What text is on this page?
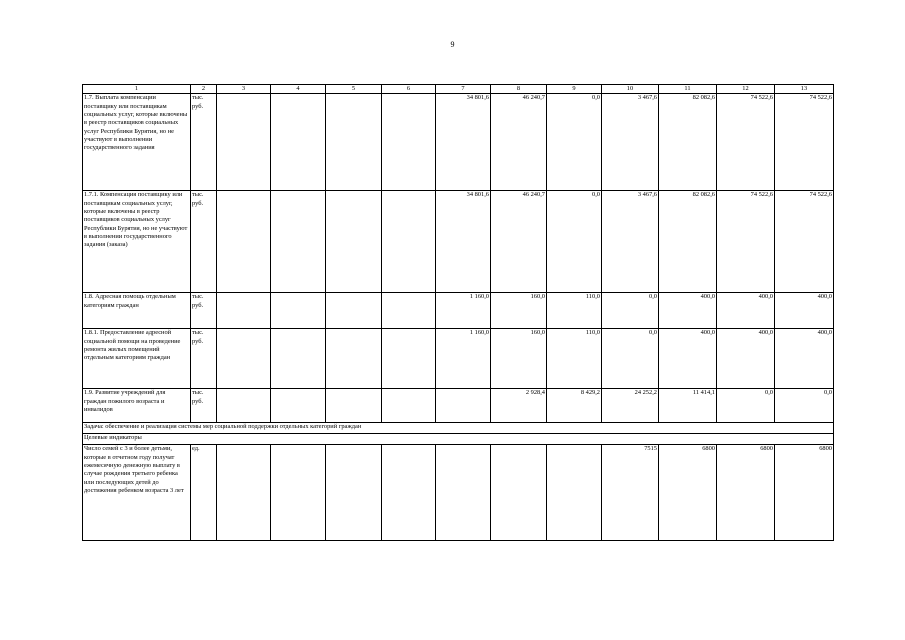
9
1	2	3	4	5	6	7	8	9	10	11	12	13
1.7. Выплата компенсации поставщику или поставщикам социальных услуг, которые включены в реестр поставщиков социальных услуг Республики Бурятия, но не участвуют в выполнении государственного задания	тыс. руб.					34 801,6	46 240,7	0,0	3 467,6	82 082,6	74 522,6	74 522,6
1.7.1. Компенсация поставщику или поставщикам социальных услуг, которые включены в реестр поставщиков социальных услуг Республики Бурятия, но не участвуют в выполнении государственного задания (заказа)	тыс. руб.					34 801,6	46 240,7	0,0	3 467,6	82 082,6	74 522,6	74 522,6
1.8. Адресная помощь отдельным категориям граждан	тыс. руб.					1 160,0	160,0	110,0	0,0	400,0	400,0	400,0
1.8.1. Предоставление адресной социальной помощи на проведение ремонта жилых помещений отдельным категориям граждан	тыс. руб.					1 160,0	160,0	110,0	0,0	400,0	400,0	400,0
1.9. Развитие учреждений для граждан пожилого возраста и инвалидов	тыс. руб.						2 928,4	8 429,2	24 252,2	11 414,1	0,0	0,0
Задача: обеспечение и реализация системы мер социальной поддержки отдельных категорий граждан												
Целевые индикаторы												
Число семей с 3 и более детьми, которые в отчетном году получат ежемесячную денежную выплату в случае рождения третьего ребенка или последующих детей до достижения ребенком возраста 3 лет	ед.								7515	6800	6800	6800
